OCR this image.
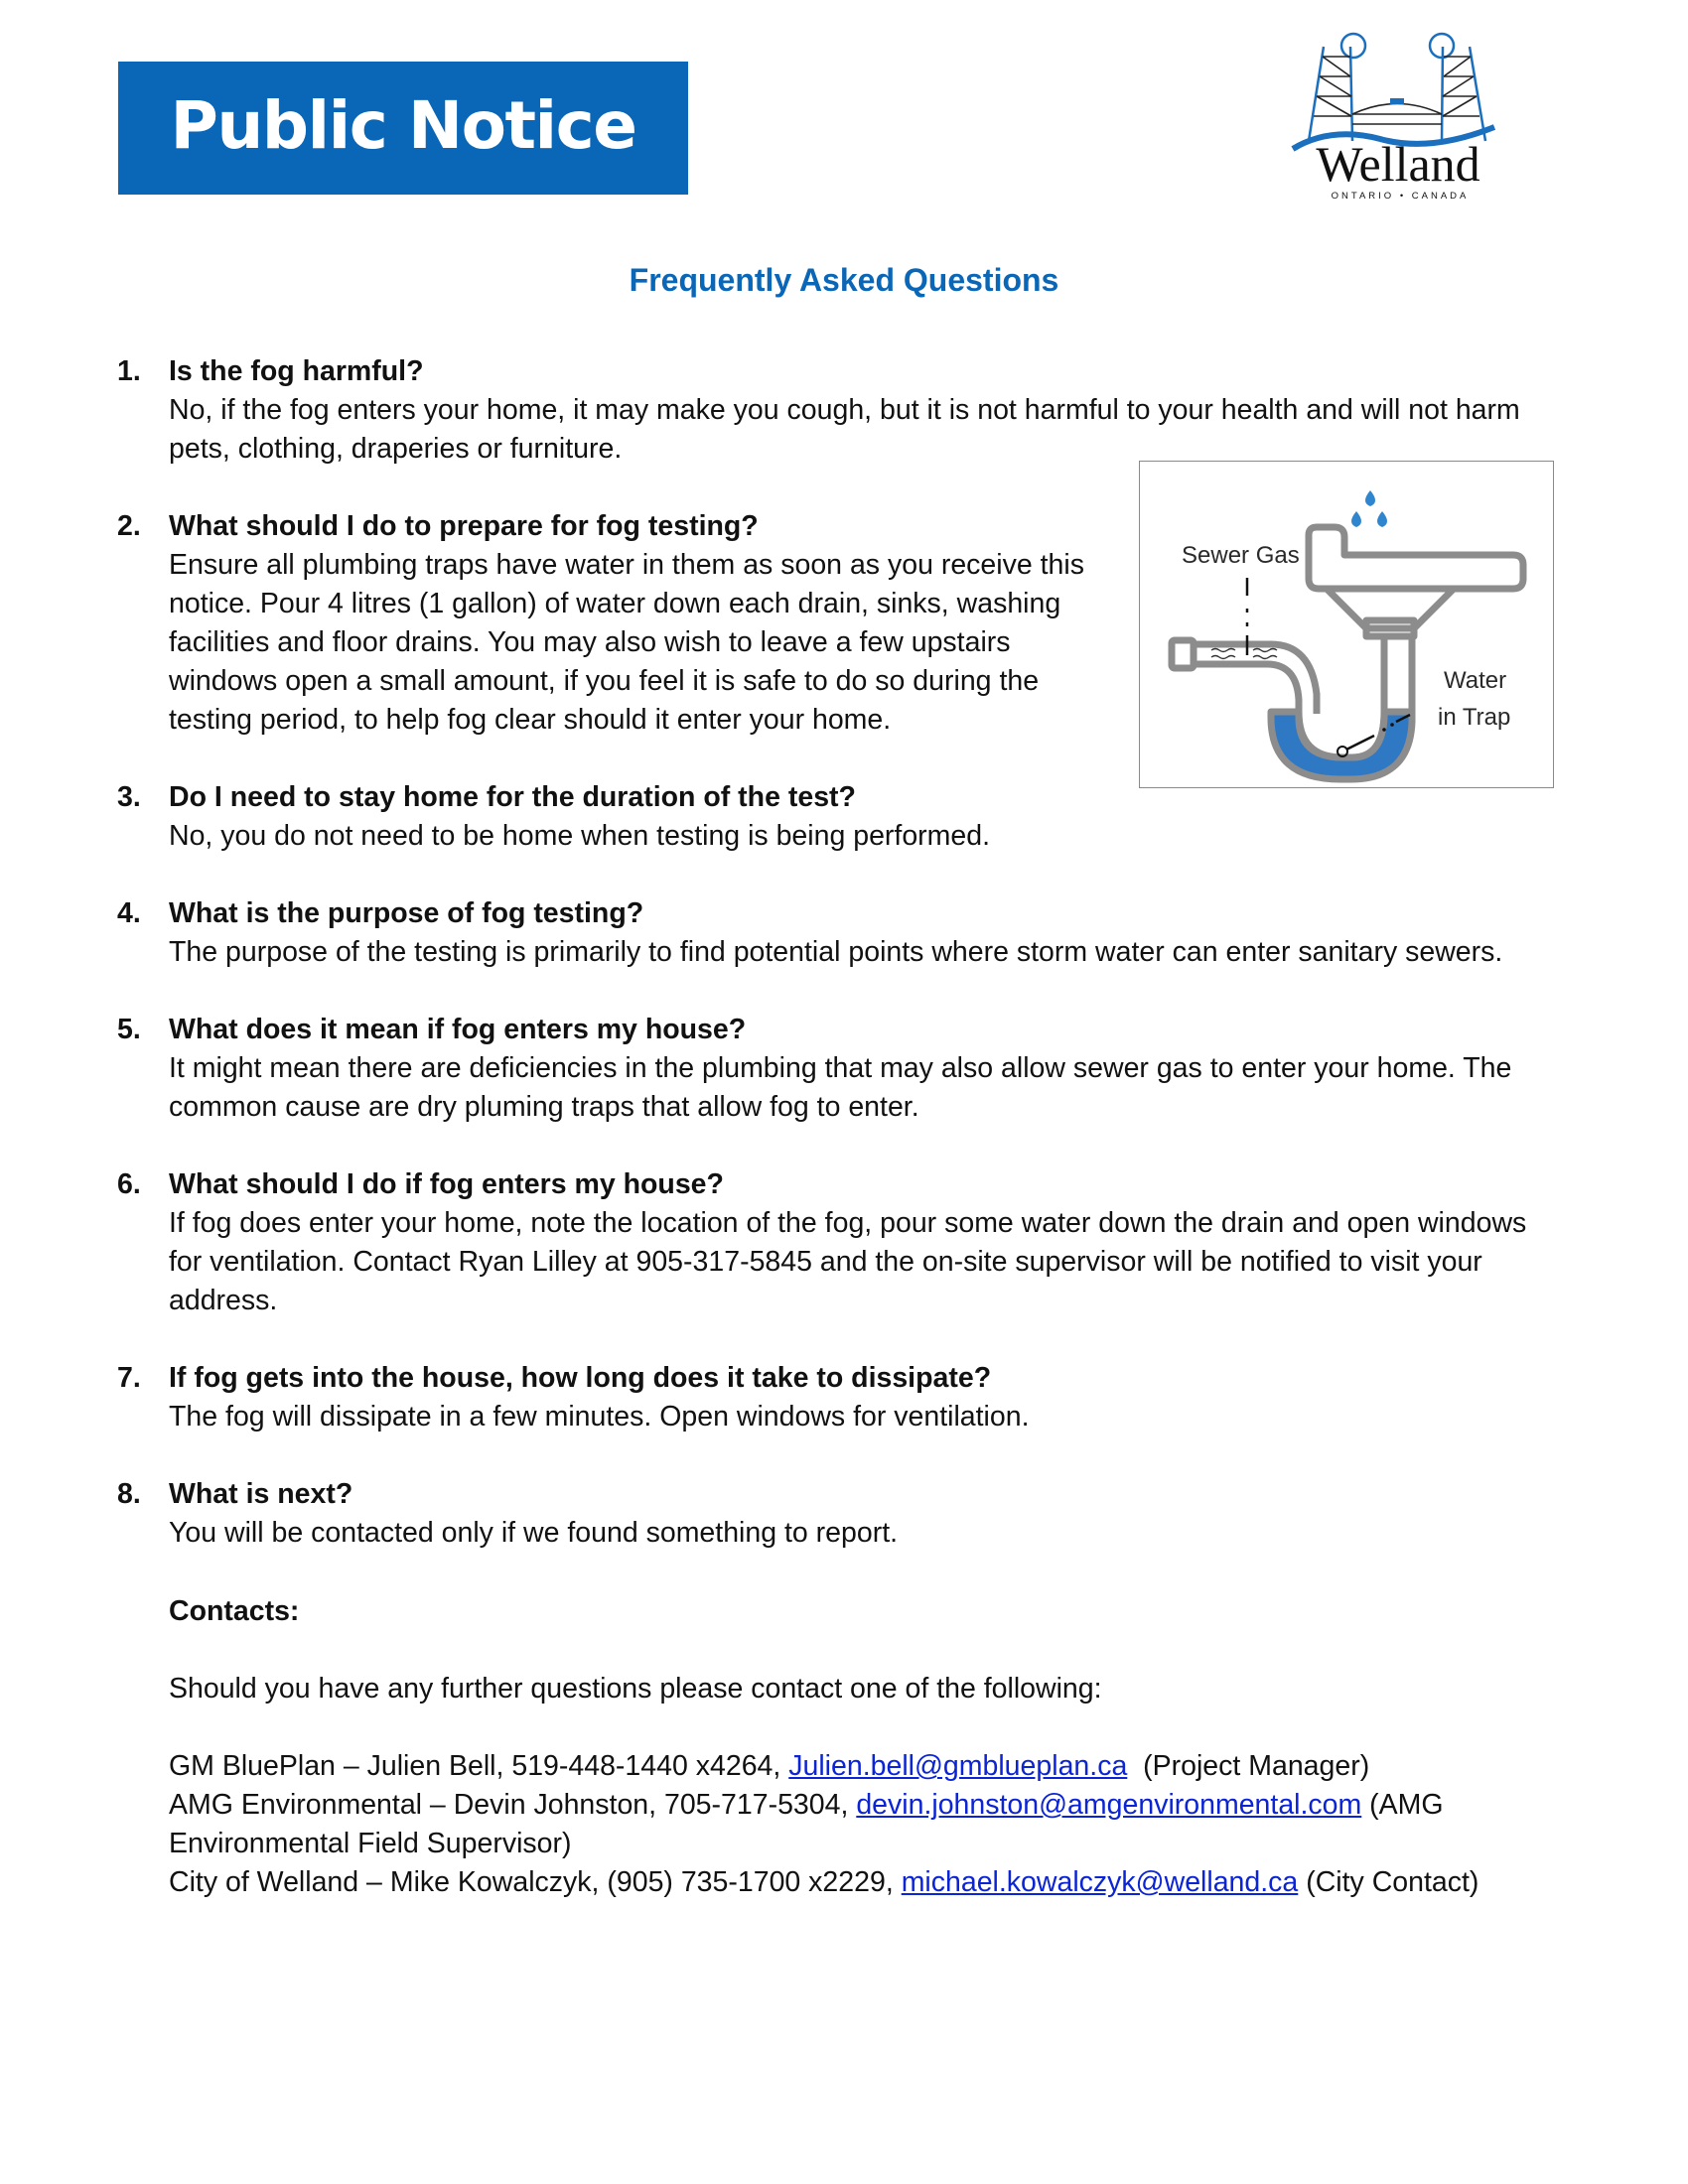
Public Notice	Welland
ONTARIO • CANADA
Frequently Asked Questions
1. Is the fog harmful?
No, if the fog enters your home, it may make you cough, but it is not harmful to your health and will not harm pets, clothing, draperies or furniture.
2. What should I do to prepare for fog testing?
Ensure all plumbing traps have water in them as soon as you receive this notice. Pour 4 litres (1 gallon) of water down each drain, sinks, washing facilities and floor drains. You may also wish to leave a few upstairs windows open a small amount, if you feel it is safe to do so during the testing period, to help fog clear should it enter your home.
3. Do I need to stay home for the duration of the test?
No, you do not need to be home when testing is being performed.
4. What is the purpose of fog testing?
The purpose of the testing is primarily to find potential points where storm water can enter sanitary sewers.
5. What does it mean if fog enters my house?
It might mean there are deficiencies in the plumbing that may also allow sewer gas to enter your home. The common cause are dry pluming traps that allow fog to enter.
6. What should I do if fog enters my house?
If fog does enter your home, note the location of the fog, pour some water down the drain and open windows for ventilation. Contact Ryan Lilley at 905-317-5845 and the on-site supervisor will be notified to visit your address.
7. If fog gets into the house, how long does it take to dissipate?
The fog will dissipate in a few minutes. Open windows for ventilation.
8. What is next?
You will be contacted only if we found something to report.
Sewer Gas
Water
in Trap
Contacts:
Should you have any further questions please contact one of the following:
GM BluePlan – Julien Bell, 519-448-1440 x4264, Julien.bell@gmblueplan.ca  (Project Manager)
AMG Environmental – Devin Johnston, 705-717-5304, devin.johnston@amgenvironmental.com (AMG Environmental Field Supervisor)
City of Welland – Mike Kowalczyk, (905) 735-1700 x2229, michael.kowalczyk@welland.ca (City Contact)
